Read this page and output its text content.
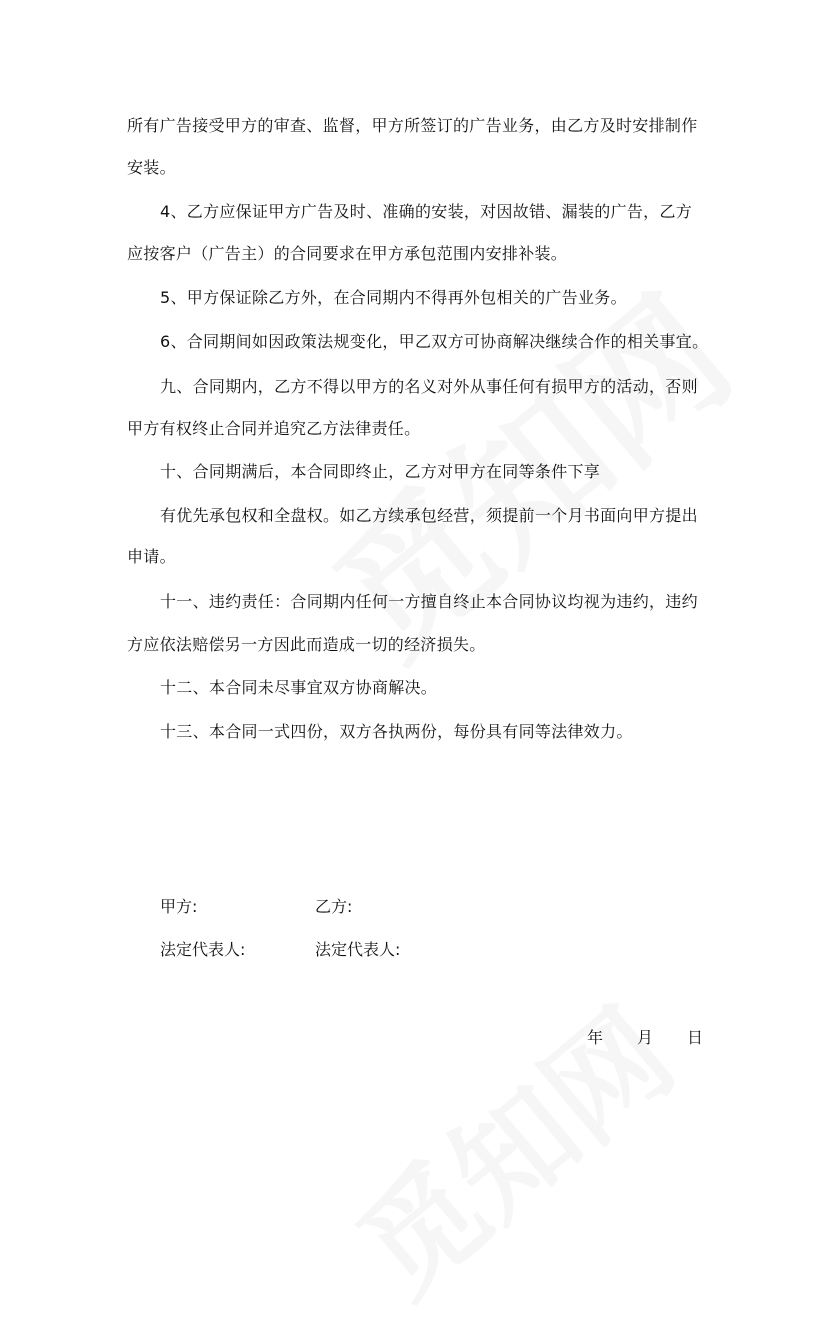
所有广告接受甲方的审查、监督，甲方所签订的广告业务，由乙方及时安排制作
安装。
4、乙方应保证甲方广告及时、准确的安装，对因故错、漏装的广告，乙方
应按客户（广告主）的合同要求在甲方承包范围内安排补装。
5、甲方保证除乙方外，在合同期内不得再外包相关的广告业务。
6、合同期间如因政策法规变化，甲乙双方可协商解决继续合作的相关事宜。
九、合同期内，乙方不得以甲方的名义对外从事任何有损甲方的活动，否则
甲方有权终止合同并追究乙方法律责任。
十、合同期满后，本合同即终止，乙方对甲方在同等条件下享
有优先承包权和全盘权。如乙方续承包经营，须提前一个月书面向甲方提出
申请。
十一、违约责任：合同期内任何一方擅自终止本合同协议均视为违约，违约
方应依法赔偿另一方因此而造成一切的经济损失。
十二、本合同未尽事宜双方协商解决。
十三、本合同一式四份，双方各执两份，每份具有同等法律效力。
甲方:	乙方:
法定代表人:	法定代表人:
年 月 日
